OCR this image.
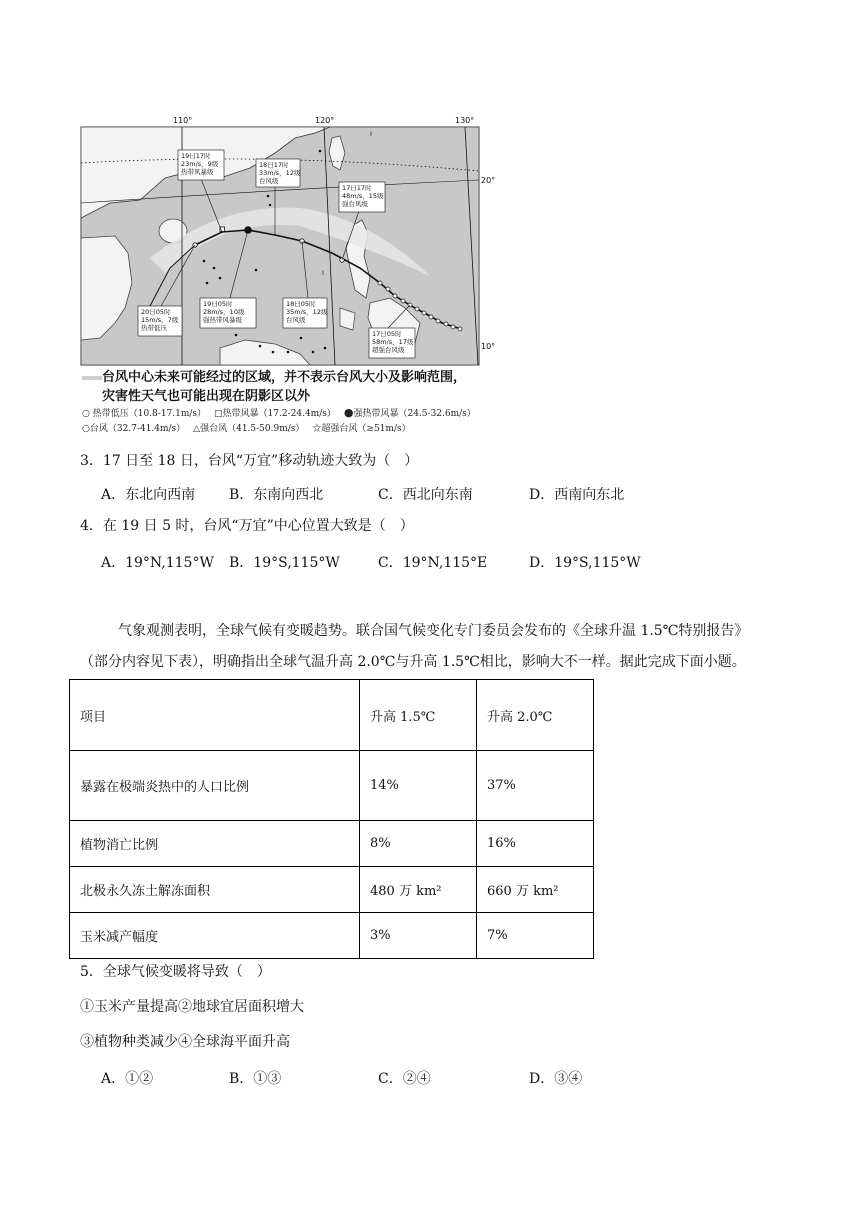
110°	120°	130°
20°
10°
I
I
19日17时
23m/s，9级
热带风暴级
18日17时
33m/s，12级
台风级
17日17时
48m/s，15级
强台风级
20日05时
15m/s，7级
热带低压
19日05时
28m/s，10级
强热带风暴级
18日05时
35m/s，12级
台风级
17日05时
58m/s，17级
超强台风级
台风中心未来可能经过的区域，并不表示台风大小及影响范围，
灾害性天气也可能出现在阴影区以外
○ 热带低压（10.8-17.1m/s） □热带风暴（17.2-24.4m/s） ●强热带风暴（24.5-32.6m/s）
○台风（32.7-41.4m/s） △强台风（41.5-50.9m/s） ☆超强台风（≥51m/s）
3．17 日至 18 日，台风“万宜”移动轨迹大致为（　）
A．东北向西南 B．东南向西北	C．西北向东南	D．西南向东北
4．在 19 日 5 时，台风“万宜”中心位置大致是（　）
A．19°N,115°W B．19°S,115°W	C．19°N,115°E	D．19°S,115°W
气象观测表明，全球气候有变暖趋势。联合国气候变化专门委员会发布的《全球升温 1.5℃特别报告》
（部分内容见下表），明确指出全球气温升高 2.0℃与升高 1.5℃相比，影响大不一样。据此完成下面小题。
项目	升高 1.5℃	升高 2.0℃
暴露在极端炎热中的人口比例	14%	37%
植物消亡比例	8%	16%
北极永久冻土解冻面积	480 万 km²	660 万 km²
玉米减产幅度	3%	7%
5．全球气候变暖将导致（　）
①玉米产量提高②地球宜居面积增大
③植物种类减少④全球海平面升高
A．①②	B．①③	C．②④	D．③④
